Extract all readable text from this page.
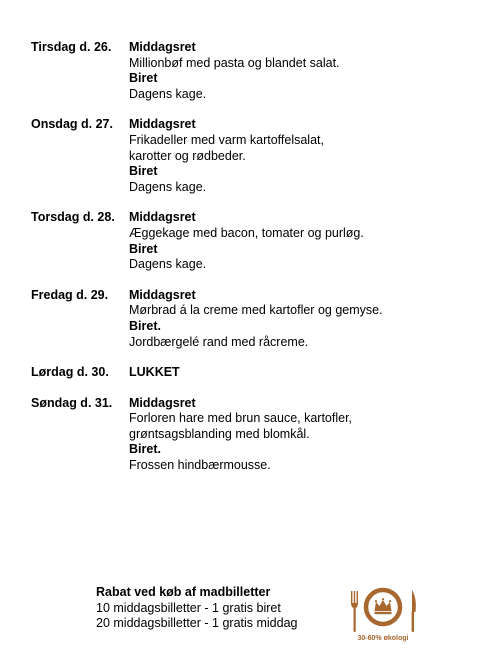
Tirsdag d. 26.	Middagsret
Millionbøf med pasta og blandet salat.
Biret
Dagens kage.
Onsdag d. 27.	Middagsret
Frikadeller med varm kartoffelsalat,
karotter og rødbeder.
Biret
Dagens kage.
Torsdag d. 28.	Middagsret
Æggekage med bacon, tomater og purløg.
Biret
Dagens kage.
Fredag d. 29.	Middagsret
Mørbrad á la creme med kartofler og gemyse.
Biret.
Jordbærgelé rand med råcreme.
Lørdag d. 30.	LUKKET
Søndag d. 31.	Middagsret
Forloren hare med brun sauce, kartofler,
grøntsagsblanding med blomkål.
Biret.
Frossen hindbærmousse.
Rabat ved køb af madbilletter
10 middagsbilletter - 1 gratis biret
20 middagsbilletter - 1 gratis middag
30-60% økologi
